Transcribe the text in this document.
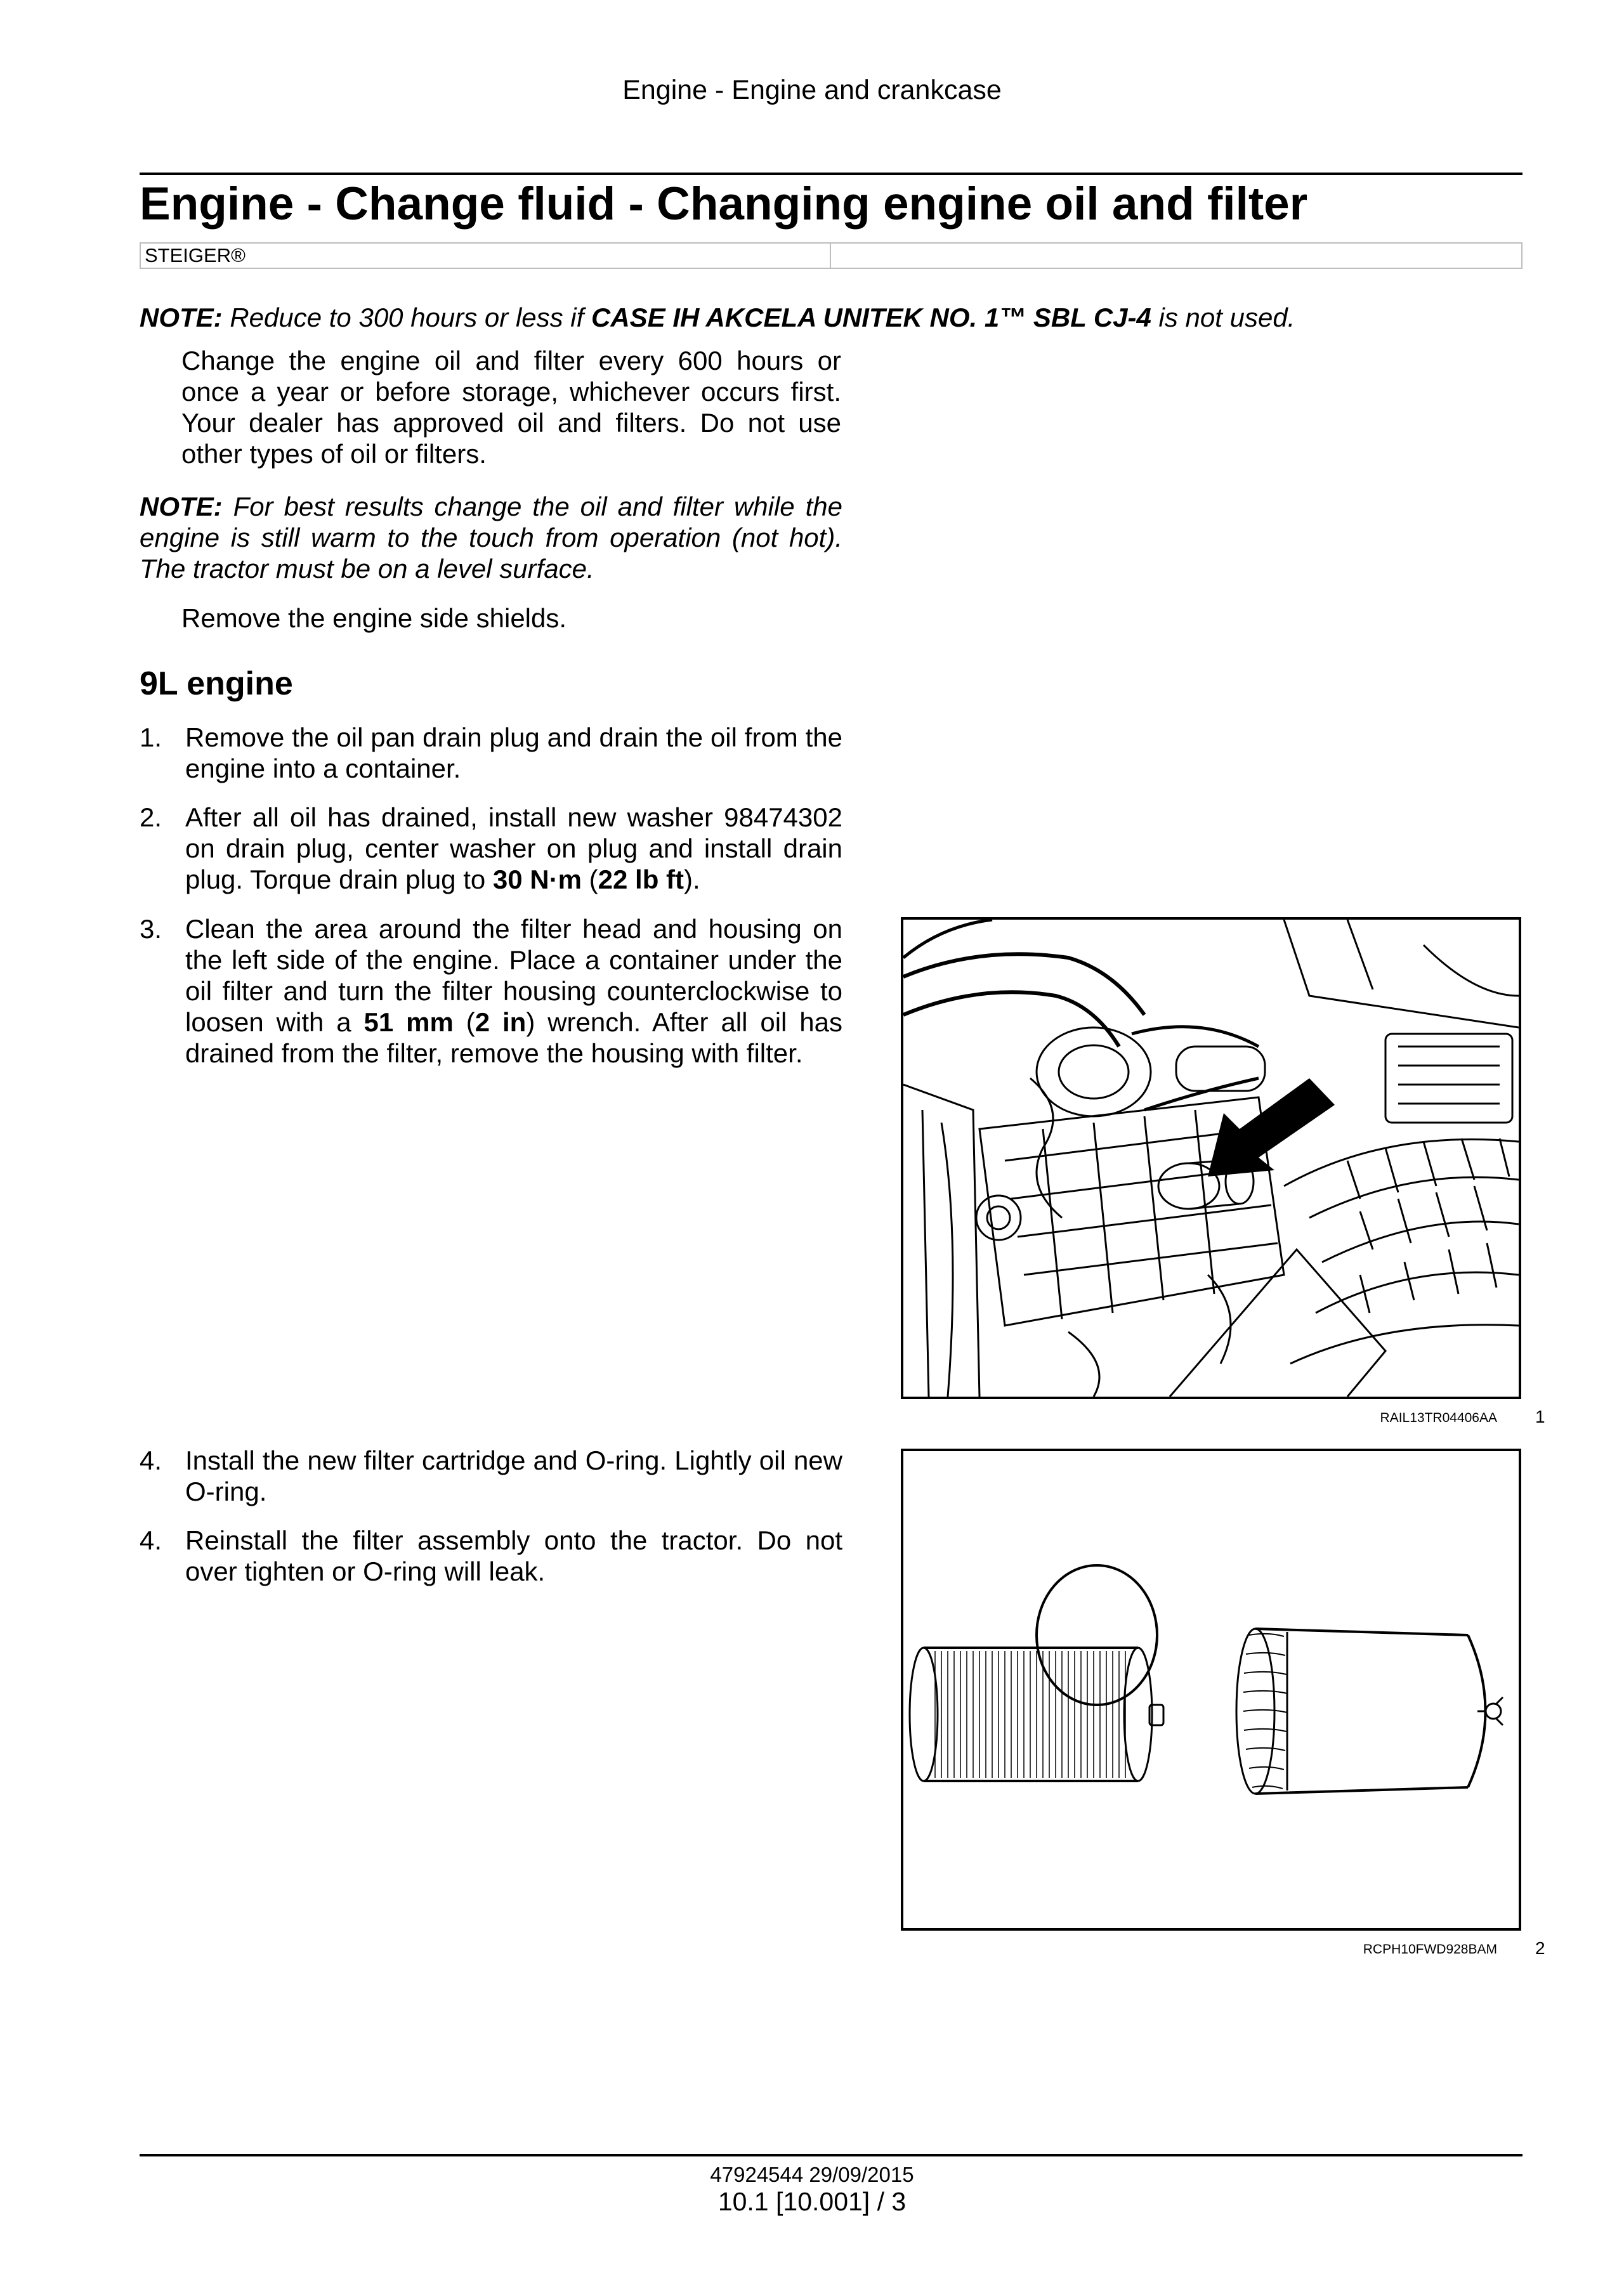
Engine - Engine and crankcase
Engine - Change fluid - Changing engine oil and filter
STEIGER®
NOTE: Reduce to 300 hours or less if CASE IH AKCELA UNITEK NO. 1™ SBL CJ-4 is not used.
Change the engine oil and filter every 600 hours or once a year or before storage, whichever occurs first. Your dealer has approved oil and filters. Do not use other types of oil or filters.
NOTE: For best results change the oil and filter while the engine is still warm to the touch from operation (not hot). The tractor must be on a level surface.
Remove the engine side shields.
9L engine
1. Remove the oil pan drain plug and drain the oil from the engine into a container.
2. After all oil has drained, install new washer 98474302 on drain plug, center washer on plug and install drain plug. Torque drain plug to 30 N·m (22 lb ft).
3. Clean the area around the filter head and housing on the left side of the engine. Place a container under the oil filter and turn the filter housing counterclockwise to loosen with a 51 mm (2 in) wrench. After all oil has drained from the filter, remove the housing with filter.
4. Install the new filter cartridge and O-ring. Lightly oil new O-ring.
4. Reinstall the filter assembly onto the tractor. Do not over tighten or O-ring will leak.
RAIL13TR04406AA 1
RCPH10FWD928BAM 2
47924544 29/09/2015
10.1 [10.001] / 3
